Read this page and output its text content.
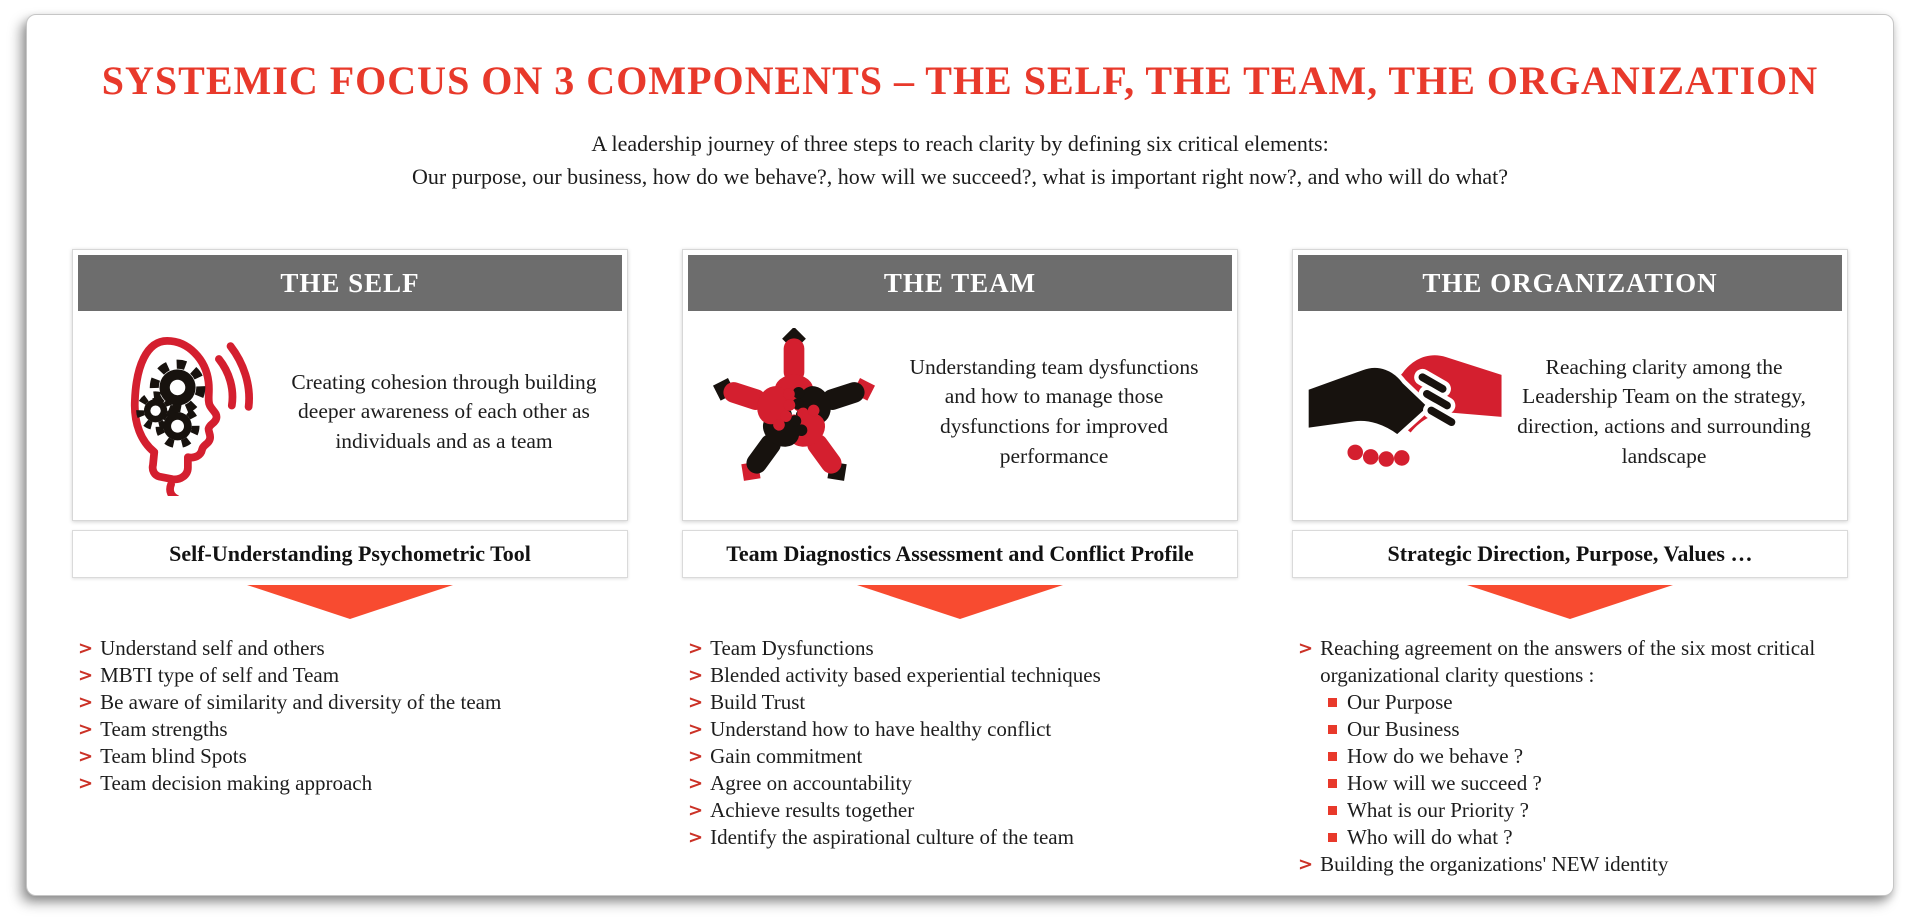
SYSTEMIC FOCUS ON 3 COMPONENTS – THE SELF, THE TEAM, THE ORGANIZATION

A leadership journey of three steps to reach clarity by defining six critical elements:
Our purpose, our business, how do we behave?, how will we succeed?, what is important right now?, and who will do what?

THE SELF

Creating cohesion through building deeper awareness of each other as individuals and as a team

Self-Understanding Psychometric Tool
> Understand self and others
> MBTI type of self and Team
> Be aware of similarity and diversity of the team
> Team strengths
> Team blind Spots
> Team decision making approach
THE TEAM

Understanding team dysfunctions and how to manage those dysfunctions for improved performance

Team Diagnostics Assessment and Conflict Profile
> Team Dysfunctions
> Blended activity based experiential techniques
> Build Trust
> Understand how to have healthy conflict
> Gain commitment
> Agree on accountability
> Achieve results together
> Identify the aspirational culture of the team
THE ORGANIZATION

Reaching clarity among the Leadership Team on the strategy, direction, actions and surrounding landscape

Strategic Direction, Purpose, Values …
> Reaching agreement on the answers of the six most critical organizational clarity questions :
Our Purpose
Our Business
How do we behave ?
How will we succeed ?
What is our Priority ?
Who will do what ?
> Building the organizations' NEW identity
